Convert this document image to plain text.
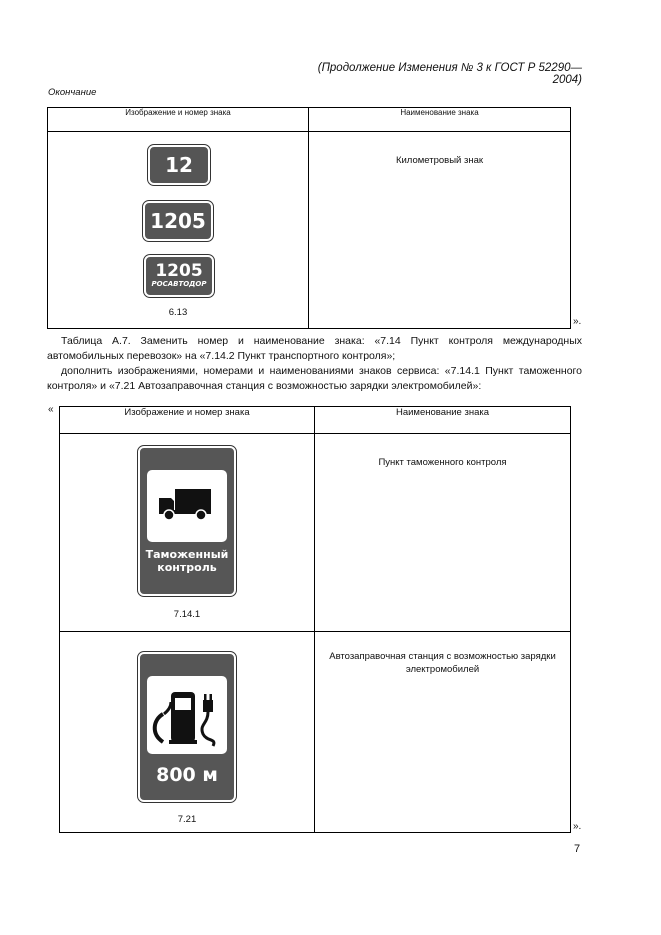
(Продолжение Изменения № 3 к ГОСТ Р 52290—2004)
Окончание
Изображение и номер знака	Наименование знака

12
1205
1205
РОСАВТОДОР
6.13	Километровый знак
».
Таблица А.7. Заменить номер и наименование знака: «7.14 Пункт контроля международных автомобильных перевозок» на «7.14.2 Пункт транспортного контроля»;
дополнить изображениями, номерами и наименованиями знаков сервиса: «7.14.1 Пункт таможенного контроля» и «7.21 Автозаправочная станция с возможностью зарядки электромобилей»:
«	Изображение и номер знака	Наименование знака

Таможенный
контроль
7.14.1	Пункт таможенного контроля

800 м
7.21	Автозаправочная станция с возможностью зарядки электромобилей
».
7
